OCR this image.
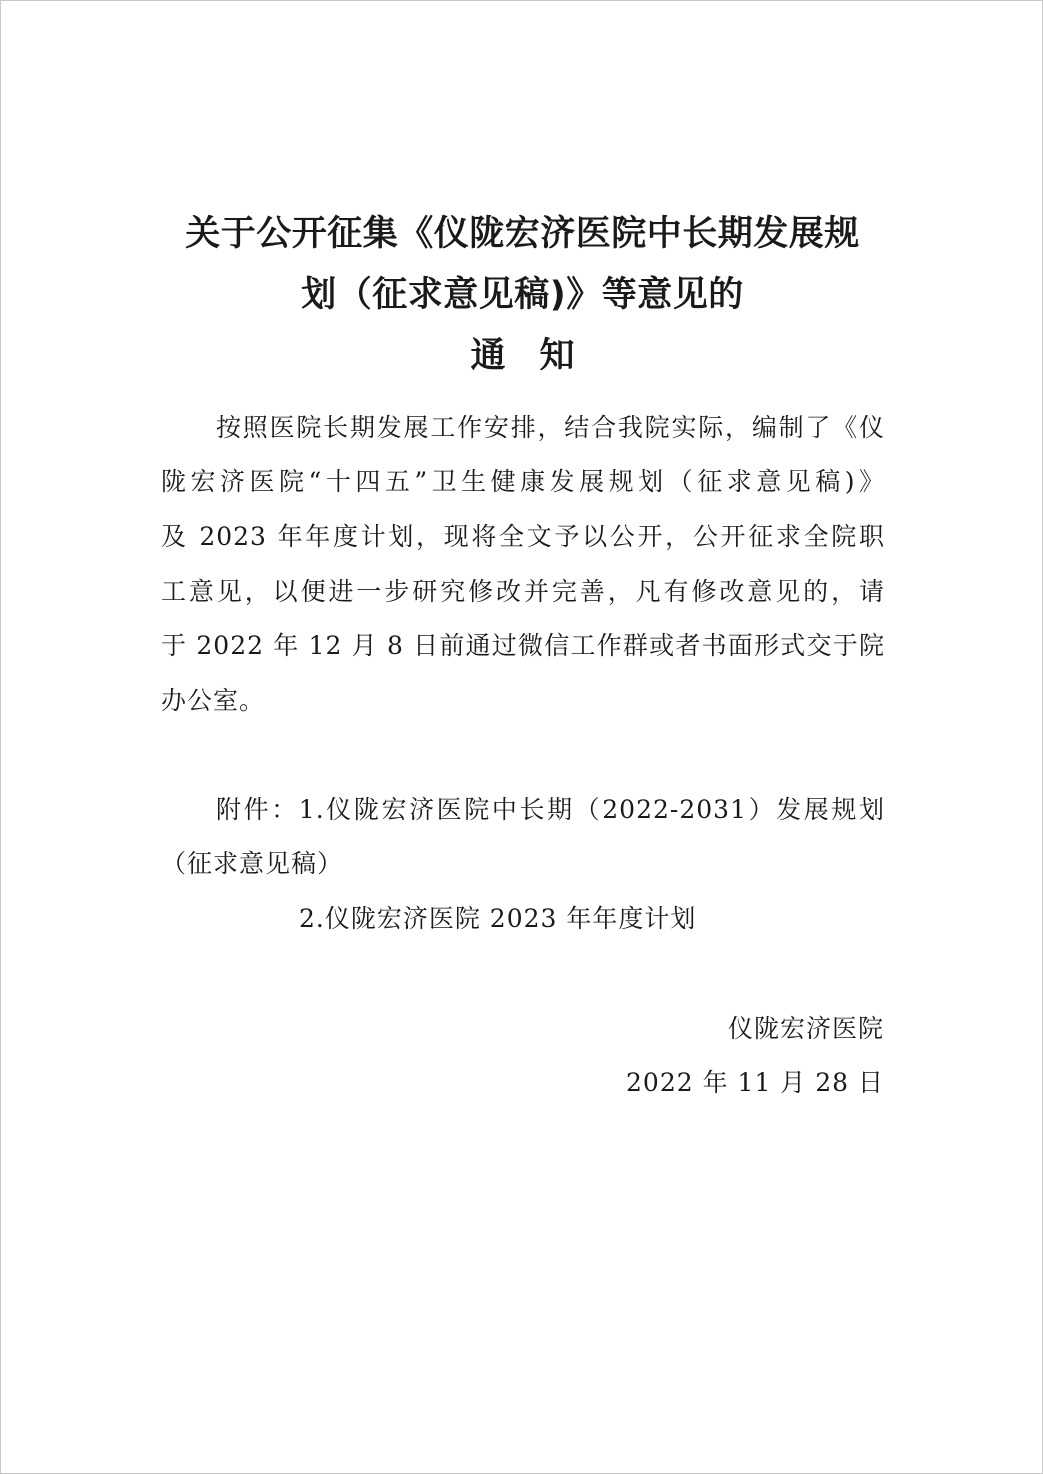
关于公开征集《仪陇宏济医院中长期发展规
划（征求意见稿)》等意见的
通知
按照医院长期发展工作安排，结合我院实际，编制了《仪
陇宏济医院“十四五”卫生健康发展规划（征求意见稿)》
及 2023 年年度计划，现将全文予以公开，公开征求全院职
工意见，以便进一步研究修改并完善，凡有修改意见的，请
于 2022 年 12 月 8 日前通过微信工作群或者书面形式交于院
办公室。
附件：1.仪陇宏济医院中长期（2022-2031）发展规划
（征求意见稿）
2.仪陇宏济医院 2023 年年度计划
仪陇宏济医院
2022 年 11 月 28 日
